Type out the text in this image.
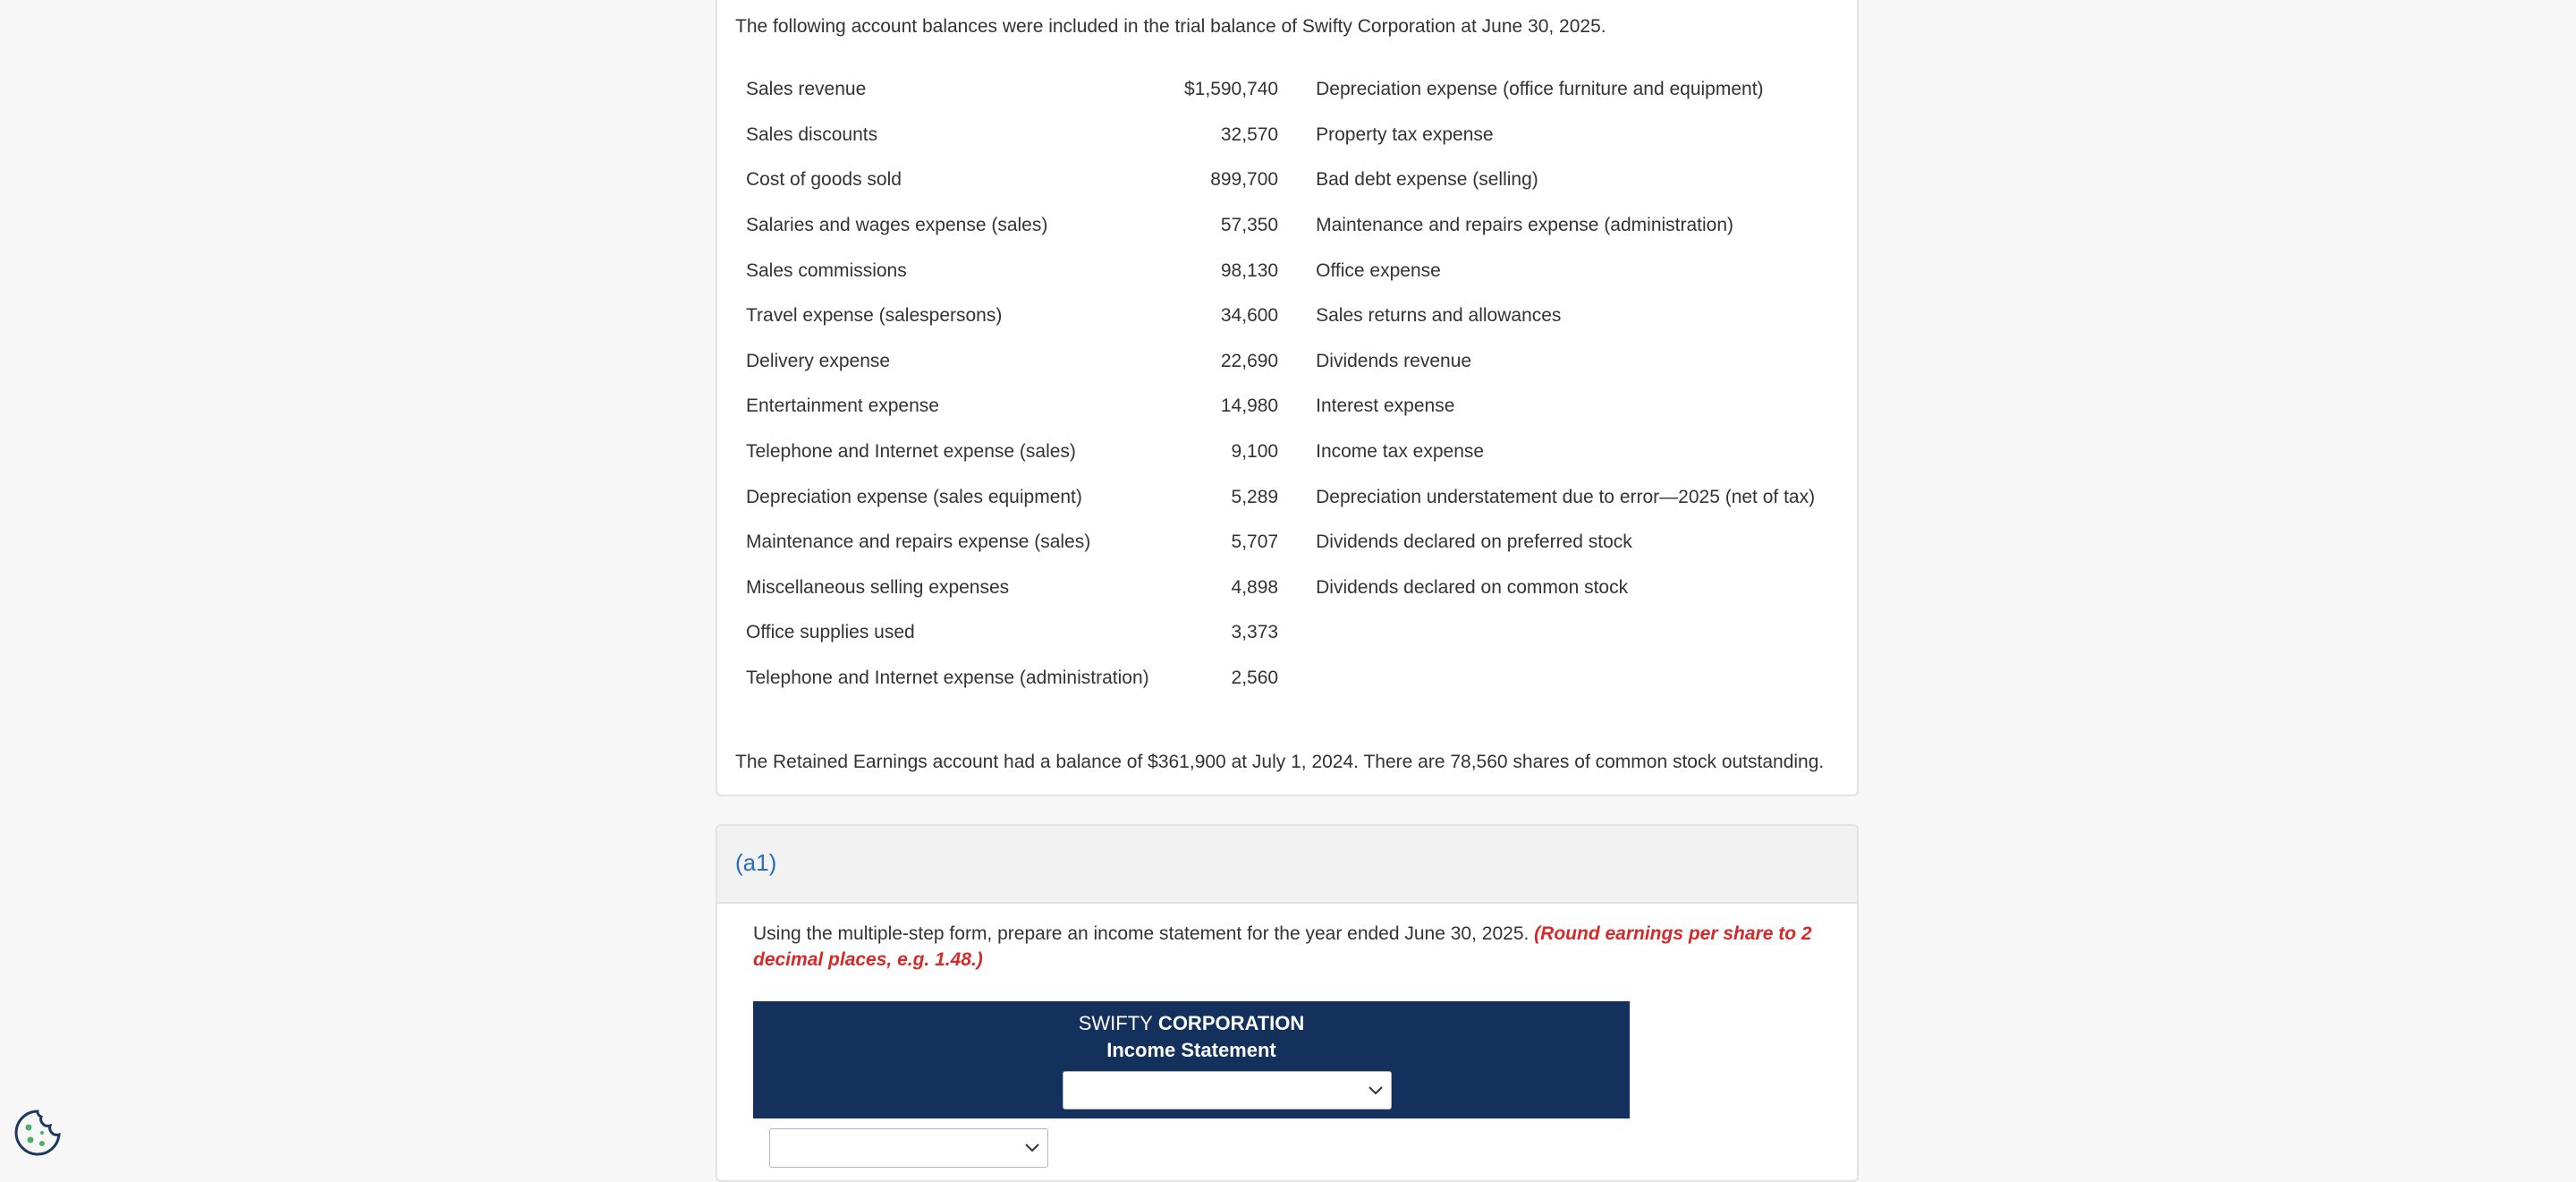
The following account balances were included in the trial balance of Swifty Corporation at June 30, 2025.

Sales revenue	$1,590,740	Depreciation expense (office furniture and equipment)
Sales discounts	32,570	Property tax expense
Cost of goods sold	899,700	Bad debt expense (selling)
Salaries and wages expense (sales)	57,350	Maintenance and repairs expense (administration)
Sales commissions	98,130	Office expense
Travel expense (salespersons)	34,600	Sales returns and allowances
Delivery expense	22,690	Dividends revenue
Entertainment expense	14,980	Interest expense
Telephone and Internet expense (sales)	9,100	Income tax expense
Depreciation expense (sales equipment)	5,289	Depreciation understatement due to error—2025 (net of tax)
Maintenance and repairs expense (sales)	5,707	Dividends declared on preferred stock
Miscellaneous selling expenses	4,898	Dividends declared on common stock
Office supplies used	3,373	
Telephone and Internet expense (administration)	2,560	

The Retained Earnings account had a balance of $361,900 at July 1, 2024. There are 78,560 shares of common stock outstanding.

(a1)

Using the multiple-step form, prepare an income statement for the year ended June 30, 2025. (Round earnings per share to 2 decimal places, e.g. 1.48.)

SWIFTY CORPORATION
Income Statement
